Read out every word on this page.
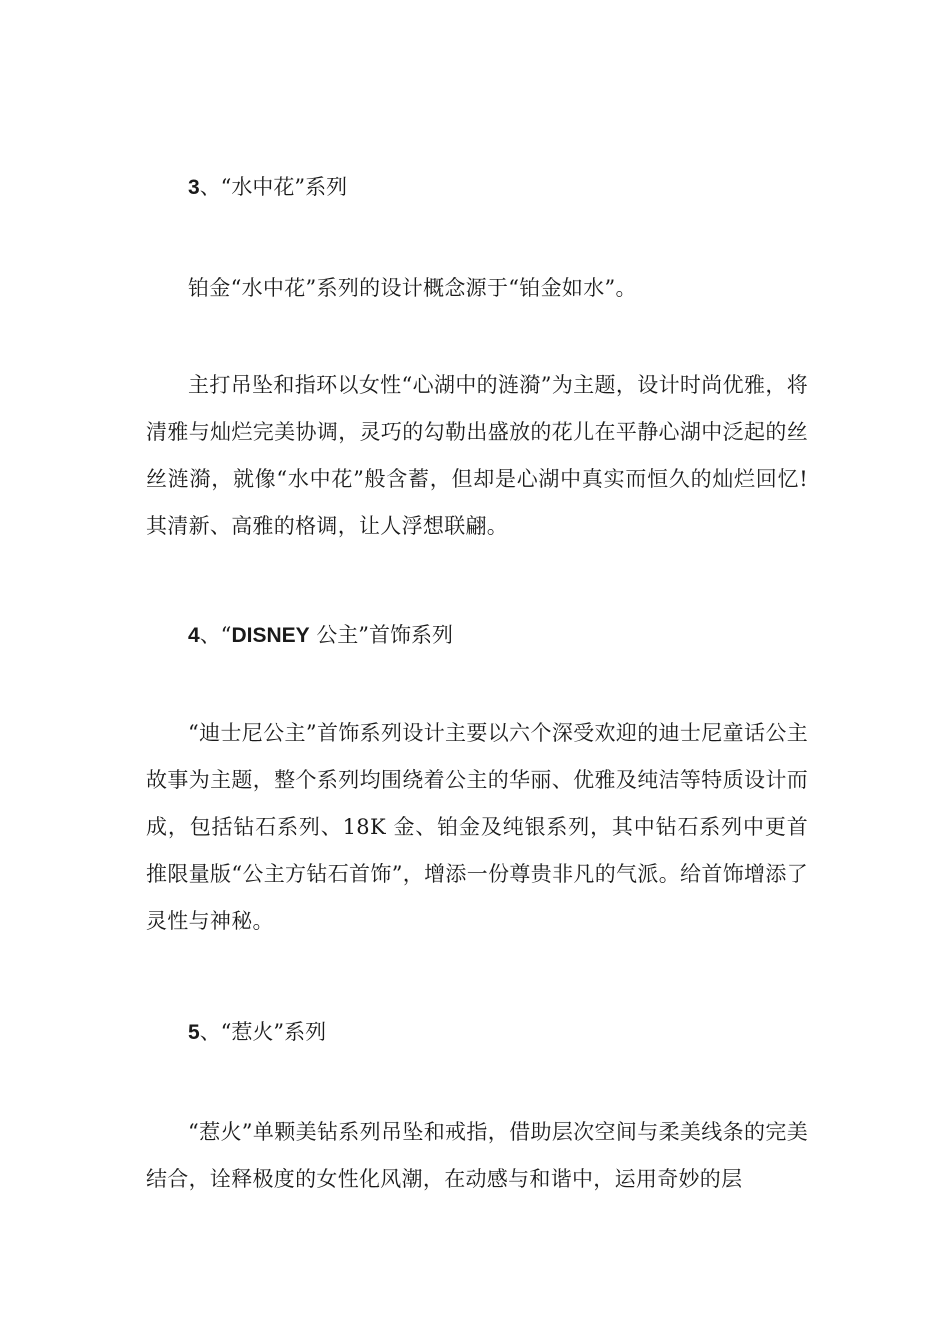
3、“水中花”系列

铂金“水中花”系列的设计概念源于“铂金如水”。

主打吊坠和指环以女性“心湖中的涟漪”为主题，设计时尚优雅，将清雅与灿烂完美协调，灵巧的勾勒出盛放的花儿在平静心湖中泛起的丝丝涟漪，就像“水中花”般含蓄，但却是心湖中真实而恒久的灿烂回忆!其清新、高雅的格调，让人浮想联翩。

4、“DISNEY 公主”首饰系列

“迪士尼公主”首饰系列设计主要以六个深受欢迎的迪士尼童话公主故事为主题，整个系列均围绕着公主的华丽、优雅及纯洁等特质设计而成，包括钻石系列、18K 金、铂金及纯银系列，其中钻石系列中更首推限量版“公主方钻石首饰”，增添一份尊贵非凡的气派。给首饰增添了灵性与神秘。

5、“惹火”系列

“惹火”单颗美钻系列吊坠和戒指，借助层次空间与柔美线条的完美结合，诠释极度的女性化风潮，在动感与和谐中，运用奇妙的层
